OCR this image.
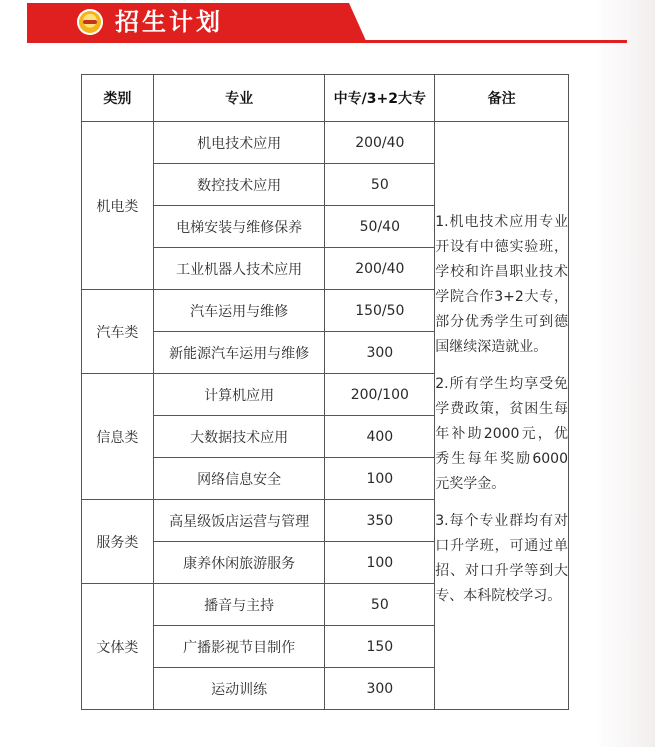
招生计划
类别	专业	中专/3+2大专	备注
机电类	机电技术应用	200/40	1.机电技术应用专业开设有中德实验班，学校和许昌职业技术学院合作3+2大专，部分优秀学生可到德国继续深造就业。

2.所有学生均享受免学费政策，贫困生每年补助2000元，优秀生每年奖励6000元奖学金。

3.每个专业群均有对口升学班，可通过单招、对口升学等到大专、本科院校学习。

	数控技术应用	50	
	电梯安装与维修保养	50/40	
	工业机器人技术应用	200/40	
汽车类	汽车运用与维修	150/50	
	新能源汽车运用与维修	300	
信息类	计算机应用	200/100	
	大数据技术应用	400	
	网络信息安全	100	
服务类	高星级饭店运营与管理	350	
	康养休闲旅游服务	100	
文体类	播音与主持	50	
	广播影视节目制作	150	
	运动训练	300	
